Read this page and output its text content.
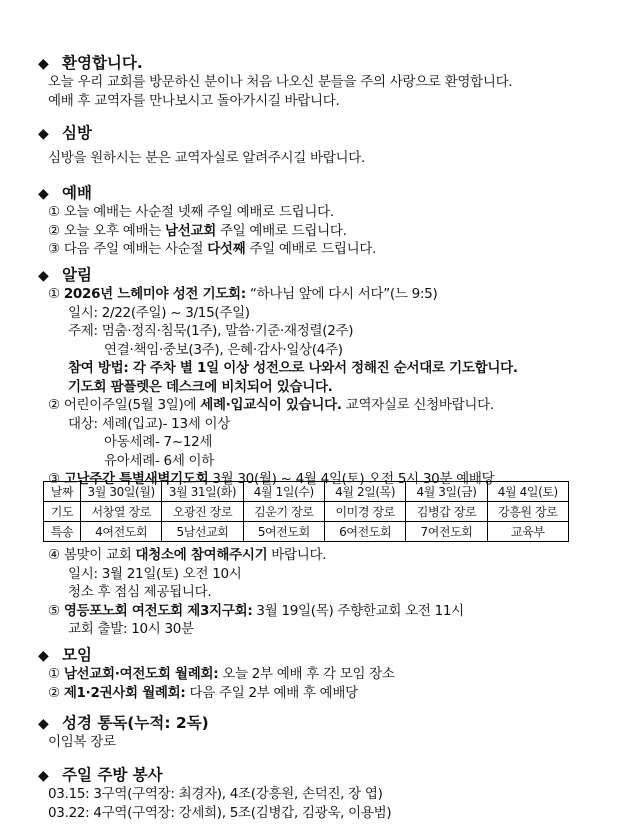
◆ 환영합니다.
오늘 우리 교회를 방문하신 분이나 처음 나오신 분들을 주의 사랑으로 환영합니다.
예배 후 교역자를 만나보시고 돌아가시길 바랍니다.
◆ 심방
심방을 원하시는 분은 교역자실로 알려주시길 바랍니다.
◆ 예배
① 오늘 예배는 사순절 넷째 주일 예배로 드립니다.
② 오늘 오후 예배는 남선교회 주일 예배로 드립니다.
③ 다음 주일 예배는 사순절 다섯째 주일 예배로 드립니다.
◆ 알림
① 2026년 느헤미야 성전 기도회: “하나님 앞에 다시 서다”(느 9:5)
일시: 2/22(주일) ~ 3/15(주일)
주제: 멈춤·정직·침묵(1주), 말씀·기준·재정렬(2주)
연결·책임·중보(3주), 은혜·감사·일상(4주)
참여 방법: 각 주차 별 1일 이상 성전으로 나와서 정해진 순서대로 기도합니다.
기도회 팜플렛은 데스크에 비치되어 있습니다.
② 어린이주일(5월 3일)에 세례·입교식이 있습니다. 교역자실로 신청바랍니다.
대상: 세례(입교)- 13세 이상
아동세례- 7~12세
유아세례- 6세 이하
③ 고난주간 특별새벽기도회 3월 30(월) ~ 4월 4일(토) 오전 5시 30분 예배당
날짜	3월 30일(월)	3월 31일(화)	4월 1일(수)	4월 2일(목)	4월 3일(금)	4월 4일(토)
기도	서창열 장로	오광진 장로	김운기 장로	이미경 장로	김병갑 장로	강흥원 장로
특송	4여전도회	5남선교회	5여전도회	6여전도회	7여전도회	교육부
④ 봄맞이 교회 대청소에 참여해주시기 바랍니다.
일시: 3월 21일(토) 오전 10시
청소 후 점심 제공됩니다.
⑤ 영등포노회 여전도회 제3지구회: 3월 19일(목) 주향한교회 오전 11시
교회 출발: 10시 30분
◆ 모임
① 남선교회·여전도회 월례회: 오늘 2부 예배 후 각 모임 장소
② 제1·2권사회 월례회: 다음 주일 2부 예배 후 예배당
◆ 성경 통독(누적: 2독)
이임복 장로
◆ 주일 주방 봉사
03.15: 3구역(구역장: 최경자), 4조(강흥원, 손덕진, 장 엽)
03.22: 4구역(구역장: 강세희), 5조(김병갑, 김광욱, 이용범)
